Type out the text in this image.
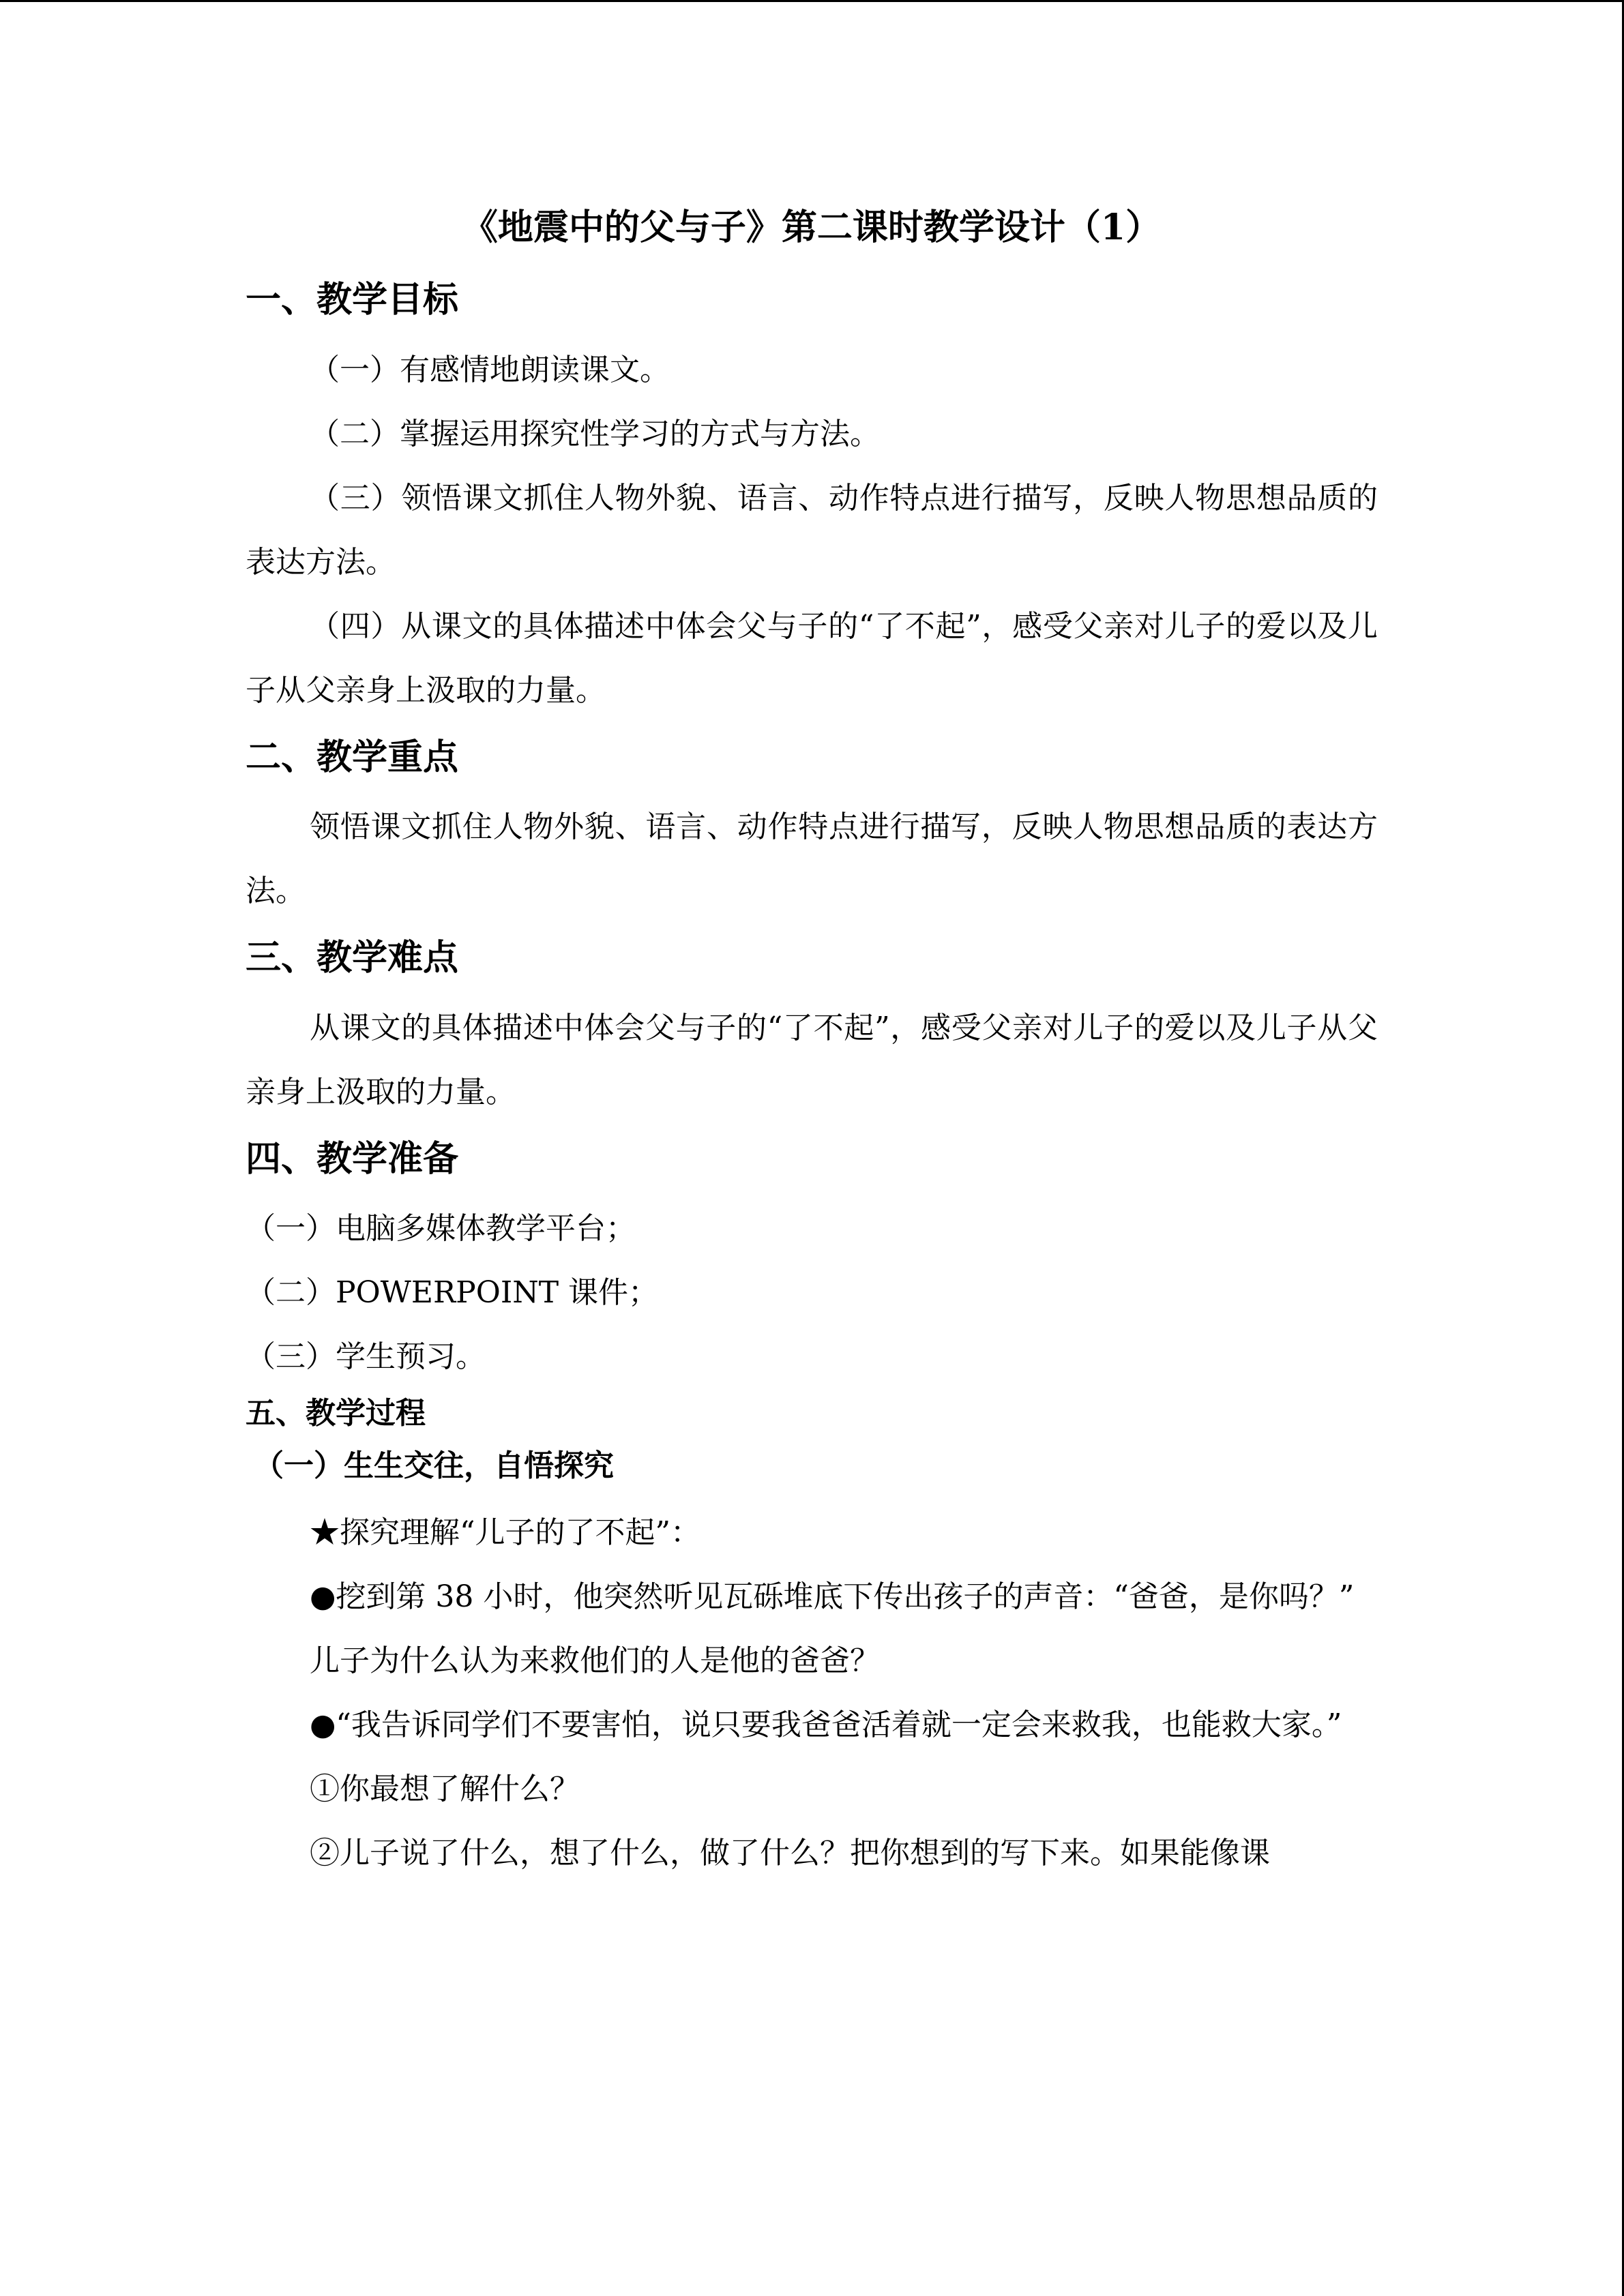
《地震中的父与子》第二课时教学设计（1）
一、教学目标

（一）有感情地朗读课文。

（二）掌握运用探究性学习的方式与方法。

（三）领悟课文抓住人物外貌、语言、动作特点进行描写，反映人物思想品质的表达方法。

（四）从课文的具体描述中体会父与子的“了不起”，感受父亲对儿子的爱以及儿子从父亲身上汲取的力量。

二、教学重点

领悟课文抓住人物外貌、语言、动作特点进行描写，反映人物思想品质的表达方法。

三、教学难点

从课文的具体描述中体会父与子的“了不起”，感受父亲对儿子的爱以及儿子从父亲身上汲取的力量。

四、教学准备

（一）电脑多媒体教学平台；

（二）POWERPOINT 课件；

（三）学生预习。

五、教学过程
（一）生生交往，自悟探究

★探究理解“儿子的了不起”：

●挖到第 38 小时，他突然听见瓦砾堆底下传出孩子的声音：“爸爸，是你吗？”

儿子为什么认为来救他们的人是他的爸爸？

●“我告诉同学们不要害怕，说只要我爸爸活着就一定会来救我，也能救大家。”

①你最想了解什么？

②儿子说了什么，想了什么，做了什么？把你想到的写下来。如果能像课
